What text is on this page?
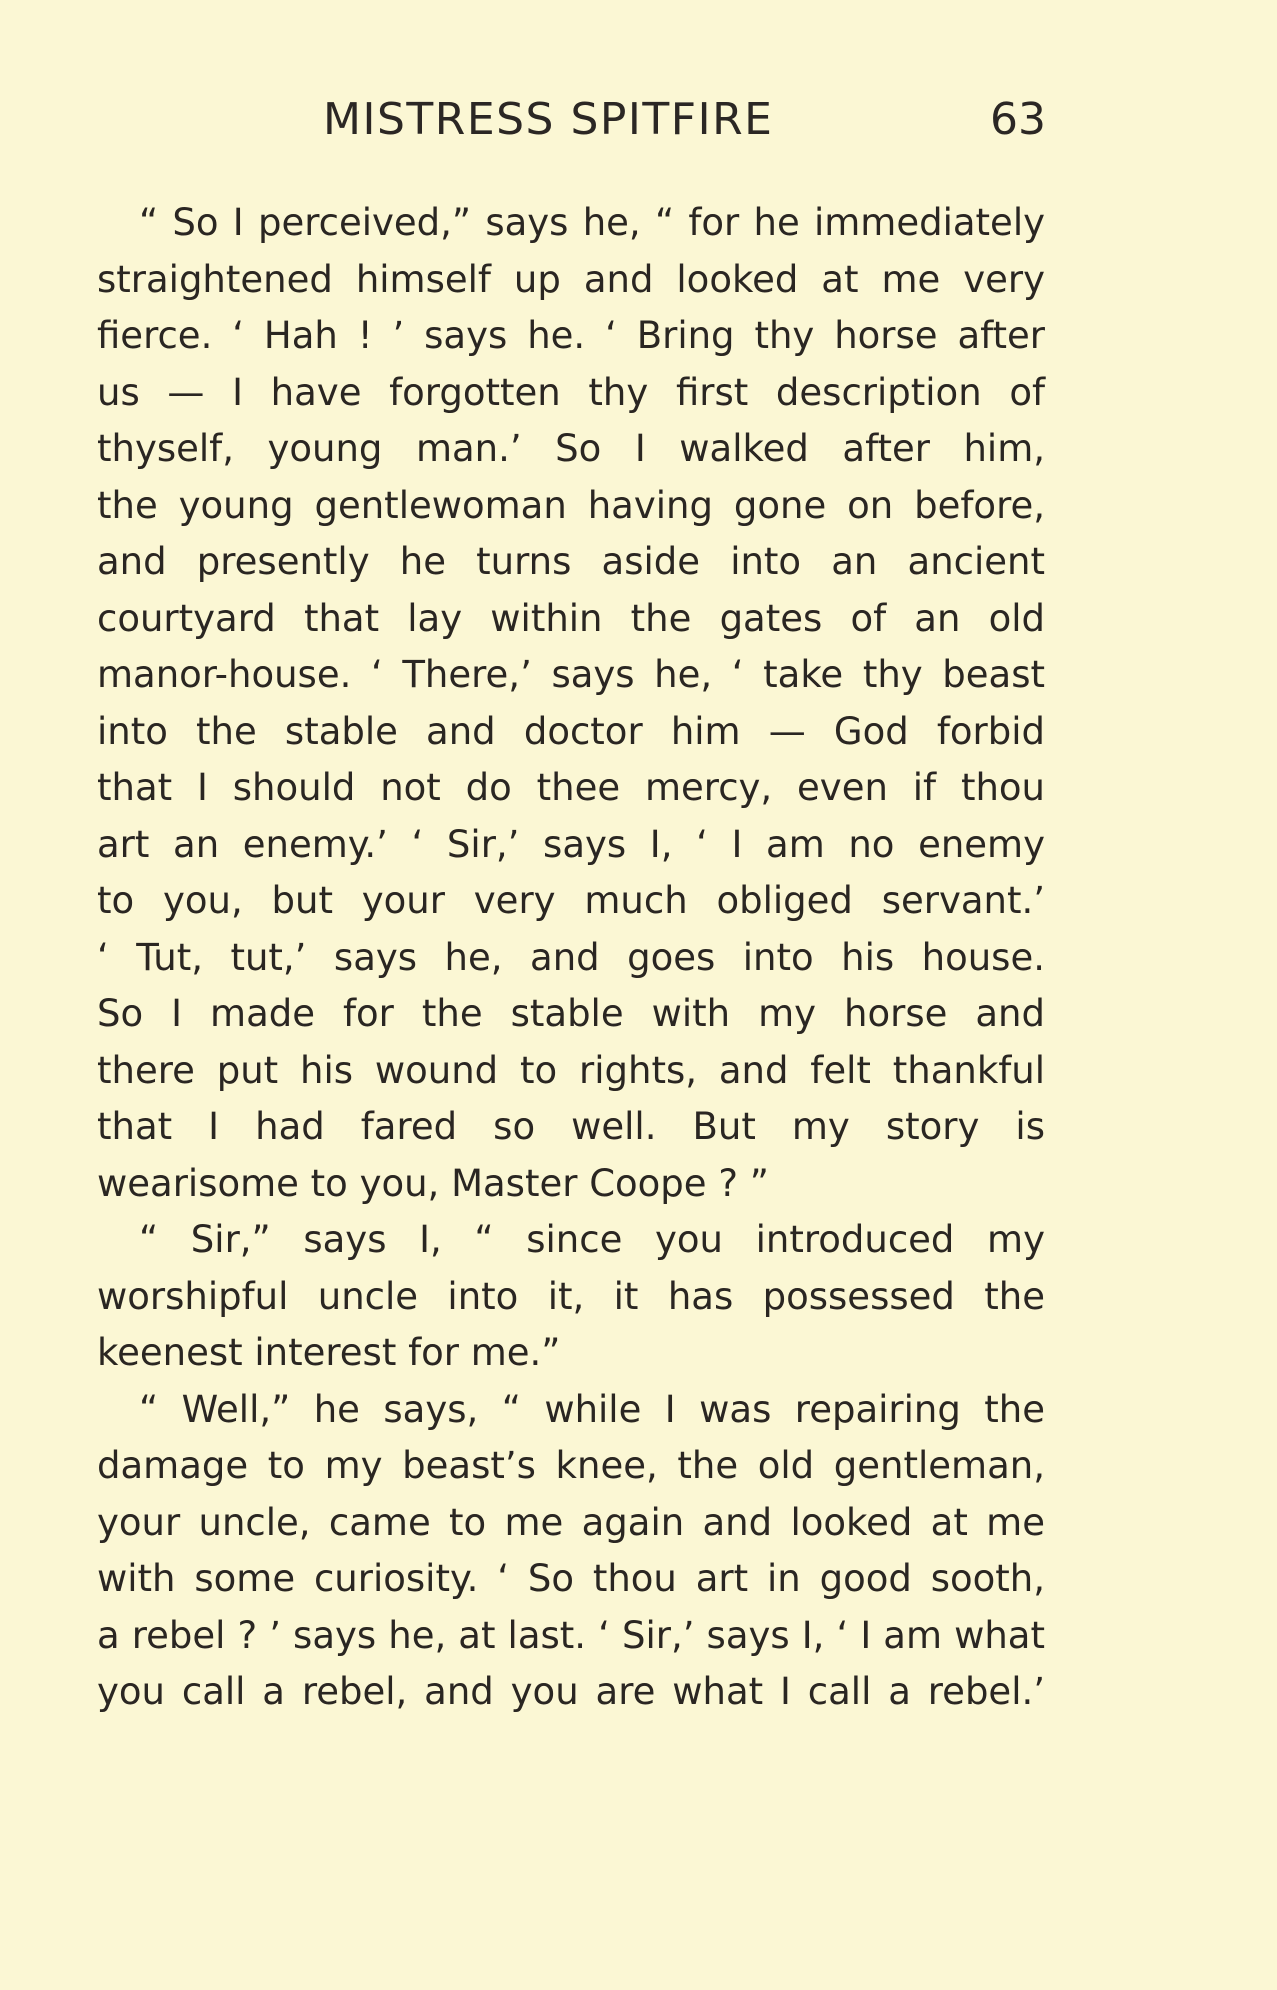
MISTRESS SPITFIRE	63
“ So I perceived,” says he, “ for he immediately
straightened himself up and looked at me very
fierce. ‘ Hah ! ’ says he. ‘ Bring thy horse after
us — I have forgotten thy first description of
thyself, young man.’ So I walked after him,
the young gentlewoman having gone on before,
and presently he turns aside into an ancient
courtyard that lay within the gates of an old
manor-house. ‘ There,’ says he, ‘ take thy beast
into the stable and doctor him — God forbid
that I should not do thee mercy, even if thou
art an enemy.’ ‘ Sir,’ says I, ‘ I am no enemy
to you, but your very much obliged servant.’
‘ Tut, tut,’ says he, and goes into his house.
So I made for the stable with my horse and
there put his wound to rights, and felt thankful
that I had fared so well. But my story is
wearisome to you, Master Coope ? ”
“ Sir,” says I, “ since you introduced my
worshipful uncle into it, it has possessed the
keenest interest for me.”
“ Well,” he says, “ while I was repairing the
damage to my beast’s knee, the old gentleman,
your uncle, came to me again and looked at me
with some curiosity. ‘ So thou art in good sooth,
a rebel ? ’ says he, at last. ‘ Sir,’ says I, ‘ I am what
you call a rebel, and you are what I call a rebel.’
